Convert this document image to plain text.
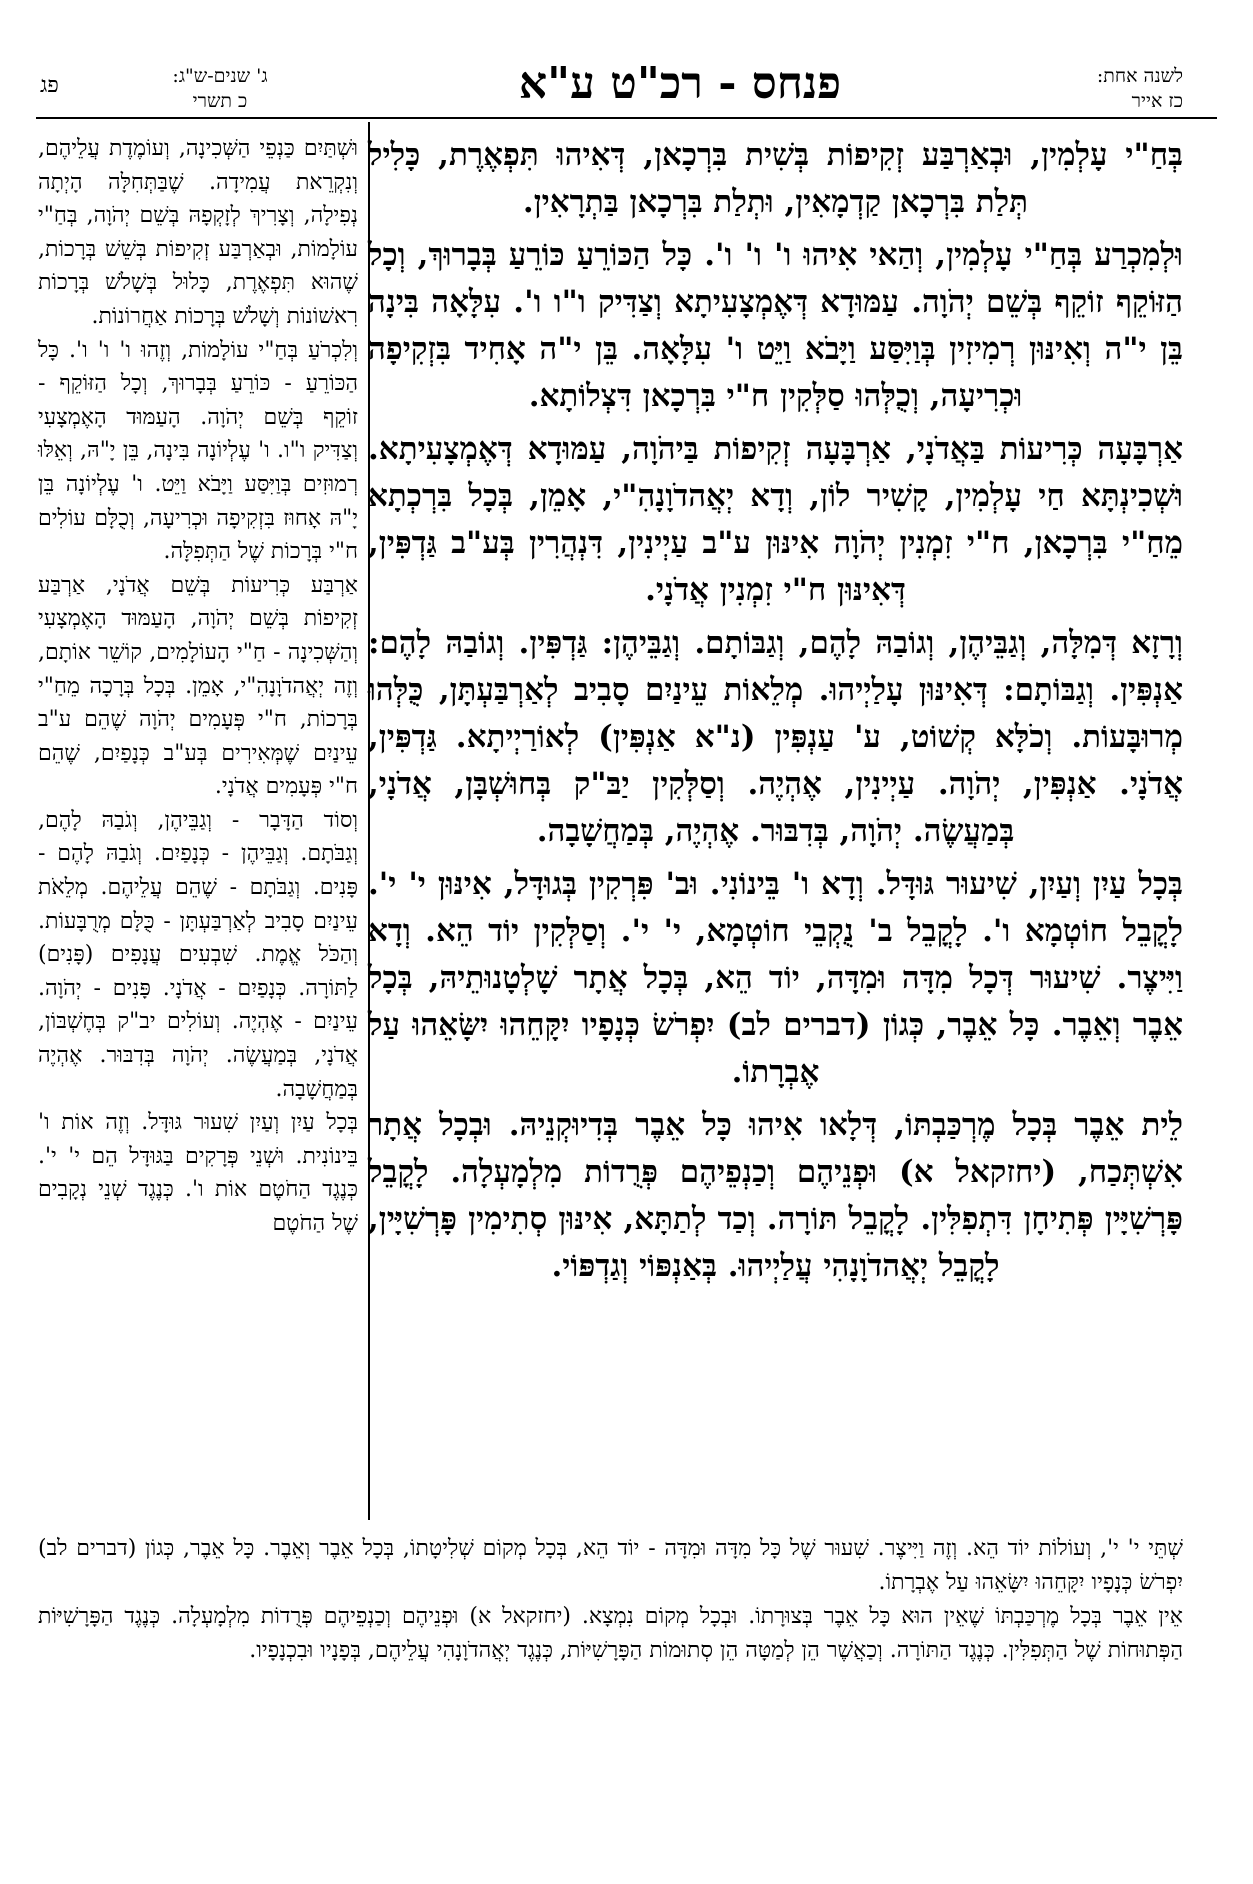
לשנה אחת:
כז אייר
פנחס - רכ"ט ע"א
ג' שנים-ש"ג:
כ תשרי
פג

בְּחַ"י עָלְמִין, וּבְאַרְבַּע זְקִיפוֹת בְּשִׁית בִּרְכָאן, דְּאִיהוּ תִּפְאֶרֶת, כָּלִיל תְּלַת בִּרְכָאן קַדְמָאִין, וּתְלַת בִּרְכָאן בַּתְרָאִין.

וּלְמִכְרַע בְּחַ"י עָלְמִין, וְהַאי אִיהוּ ו' ו' ו'. כָּל הַכּוֹרֵעַ כּוֹרֵעַ בְּבָרוּךְ, וְכָל הַזּוֹקֵף זוֹקֵף בְּשֵׁם יְהֹוָה. עַמּוּדָא דְּאֶמְצָעִיתָא וְצַדִּיק ו"ו ו'. עִלָּאָה בִּינָה בֵּן י"ה וְאִינּוּן רְמִיזִין בְּוַיִּסַּע וַיָּבֹא וַיֵּט ו' עִלָּאָה. בֵּן י"ה אָחִיד בִּזְקִיפָה וּכְרִיעָה, וְכֻלְּהוּ סַלְּקִין ח"י בִּרְכָאן דִּצְלוֹתָא.

אַרְבָּעָה כְּרִיעוֹת בַּאֲדֹנָי, אַרְבָּעָה זְקִיפוֹת בַּיהֹוָה, עַמּוּדָא דְּאֶמְצָעִיתָא. וּשְׁכִינְתָּא חַי עָלְמִין, קָשִׁיר לוֹן, וְדָא יְאֲהדֹוָנָהִ"י, אָמֵן, בְּכָל בִּרְכְתָא מֵחַ"י בִּרְכָאן, ח"י זִמְנִין יְהֹוָה אִינּוּן ע"ב עַיְינִין, דִּנְהֲרִין בְּע"ב גַּדְפִּין, דְּאִינּוּן ח"י זִמְנִין אֲדֹנָי.

וְרָזָא דְּמִלָּה, וְגַבֵּיהֶן, וְגוֹבַהּ לָהֶם, וְגַבּוֹתָם. וְגַבֵּיהֶן: גַּדְפִּין. וְגוֹבַהּ לָהֶם: אַנְפִּין. וְגַבּוֹתָם: דְּאִינּוּן עָלַיְיהוּ. מְלֵאוֹת עֵינַיִם סָבִיב לְאַרְבַּעְתָּן, כֻּלְּהוּ מְרוּבָּעוֹת. וְכֹלָּא קְשׁוֹט, ע' עַנְפִּין (נ"א אַנְפִּין) לְאוֹרַיְיתָא. גַּדְפִּין, אֲדֹנָי. אַנְפִּין, יְהֹוָה. עַיְינִין, אֶהְיֶה. וְסַלְּקִין יַבּ"ק בְּחוּשְׁבָּן, אֲדֹנָי, בְּמַעֲשֶׂה. יְהֹוָה, בְּדִבּוּר. אֶהְיֶה, בְּמַחֲשָׁבָה.

בְּכָל עַיִן וְעַיִן, שִׁיעוּר גּוּדָּל. וְדָא ו' בֵּינוֹנִי. וּב' פִּרְקִין בְּגוּדָּל, אִינּוּן י' י'. לָקֳבֵל חוֹטְמָא ו'. לָקֳבֵל ב' נֻקְבֵי חוֹטְמָא, י' י'. וְסַלְּקִין יוֹד הֵא. וְדָא וַיִּיצֶר. שִׁיעוּר דְּכָל מִדָּה וּמִדָּה, יוֹד הֵא, בְּכָל אֲתָר שָׁלְטָנוּתֵיהּ, בְּכָל אֵבֶר וְאֵבֶר. כָּל אֵבֶר, כְּגוֹן (דברים לב) יִפְרֹשׂ כְּנָפָיו יִקָּחֵהוּ יִשָּׂאֵהוּ עַל אֶבְרָתוֹ.

לֵית אֵבֶר בְּכָל מֶרְכַּבְתּוֹ, דְּלָאו אִיהוּ כָּל אֵבֶר בְּדִיוּקְנֵיהּ. וּבְכָל אֲתָר אִשְׁתְּכַח, (יחזקאל א) וּפְנֵיהֶם וְכַנְפֵיהֶם פְּרֻדוֹת מִלְמָעְלָה. לָקֳבֵל פָּרְשִׁיָּין פְּתִיחָן דִּתְפִלִּין. לָקֳבֵל תּוֹרָה. וְכַד לְתַתָּא, אִינּוּן סְתִימִין פָּרְשִׁיָּין, לָקֳבֵל יְאֲהדֹוָנָהִי עֲלַיְיהוּ. בְּאַנְפּוֹי וְגַדְפּוֹי.

וּשְׁתַּיִם כַּנְפֵי הַשְּׁכִינָה, וְעוֹמֶדֶת עֲלֵיהֶם, וְנִקְרֵאת עֲמִידָה. שֶׁבַּתְּחִלָּה הָיְתָה נְפִילָה, וְצָרִיךְ לְזָקְפָהּ בְּשֵׁם יְהֹוָה, בְּחַ"י עוֹלָמוֹת, וּבְאַרְבַּע זְקִיפוֹת בְּשֵׁשׁ בְּרָכוֹת, שֶׁהוּא תִּפְאֶרֶת, כָּלוּל בְּשָׁלֹשׁ בְּרָכוֹת רִאשׁוֹנוֹת וְשָׁלֹשׁ בְּרָכוֹת אַחֲרוֹנוֹת.

וְלִכְרֹעַ בְּחַ"י עוֹלָמוֹת, וְזֶהוּ ו' ו' ו'. כָּל הַכּוֹרֵעַ - כּוֹרֵעַ בְּבָרוּךְ, וְכָל הַזּוֹקֵף - זוֹקֵף בְּשֵׁם יְהֹוָה. הָעַמּוּד הָאֶמְצָעִי וְצַדִּיק ו"ו. ו' עֶלְיוֹנָה בִּינָה, בֵּן יָ"הּ, וְאֵלּוּ רְמוּזִים בְּוַיִּסַּע וַיָּבֹא וַיֵּט. ו' עֶלְיוֹנָה בֵּן יָ"הּ אָחוּז בִּזְקִיפָה וּכְרִיעָה, וְכֻלָּם עוֹלִים ח"י בְּרָכוֹת שֶׁל הַתְּפִלָּה.

אַרְבַּע כְּרִיעוֹת בְּשֵׁם אֲדֹנָי, אַרְבַּע זְקִיפוֹת בְּשֵׁם יְהֹוָה, הָעַמּוּד הָאֶמְצָעִי וְהַשְּׁכִינָה - חַ"י הָעוֹלָמִים, קוֹשֵׁר אוֹתָם, וְזֶה יְאֲהדֹוָנָהִ"י, אָמֵן. בְּכָל בְּרָכָה מֵחַ"י בְּרָכוֹת, ח"י פְּעָמִים יְהֹוָה שֶׁהֵם ע"ב עֵינַיִם שֶׁמְּאִירִים בְּע"ב כְּנָפַיִם, שֶׁהֵם ח"י פְּעָמִים אֲדֹנָי.

וְסוֹד הַדָּבָר - וְגַבֵּיהֶן, וְגֹבַהּ לָהֶם, וְגַבֹּתָם. וְגַבֵּיהֶן - כְּנָפַיִם. וְגֹבַהּ לָהֶם - פָּנִים. וְגַבֹּתָם - שֶׁהֵם עֲלֵיהֶם. מְלֵאֹת עֵינַיִם סָבִיב לְאַרְבַּעְתָּן - כֻּלָּם מְרֻבָּעוֹת. וְהַכֹּל אֱמֶת. שִׁבְעִים עֲנָפִים (פָּנִים) לַתּוֹרָה. כְּנָפַיִם - אֲדֹנָי. פָּנִים - יְהֹוָה. עֵינַיִם - אֶהְיֶה. וְעוֹלִים יב"ק בְּחֶשְׁבּוֹן, אֲדֹנָי, בְּמַעֲשֶׂה. יְהֹוָה בְּדִבּוּר. אֶהְיֶה בְּמַחֲשָׁבָה.

בְּכָל עַיִן וְעַיִן שִׁעוּר גּוּדָּל. וְזֶה אוֹת ו' בֵּינוֹנִית. וּשְׁנֵי פְּרָקִים בַּגּוּדָּל הֵם י' י'. כְּנֶגֶד הַחֹטֶם אוֹת ו'. כְּנֶגֶד שְׁנֵי נְקָבִים שֶׁל הַחֹטֶם

שְׁתֵּי י' י', וְעוֹלוֹת יוֹד הֵא. וְזֶה וַיִּיצֶר. שִׁעוּר שֶׁל כָּל מִדָּה וּמִדָּה - יוֹד הֵא, בְּכָל מְקוֹם שְׁלִיטָתוֹ, בְּכָל אֵבֶר וְאֵבֶר. כָּל אֵבֶר, כְּגוֹן (דברים לב) יִפְרֹשׂ כְּנָפָיו יִקָּחֵהוּ יִשָּׂאֵהוּ עַל אֶבְרָתוֹ.

אֵין אֵבֶר בְּכָל מֶרְכַּבְתּוֹ שֶׁאֵין הוּא כָּל אֵבֶר בְּצוּרָתוֹ. וּבְכָל מְקוֹם נִמְצָא. (יחזקאל א) וּפְנֵיהֶם וְכַנְפֵיהֶם פְּרֻדוֹת מִלְמָעְלָה. כְּנֶגֶד הַפָּרָשִׁיּוֹת הַפְּתוּחוֹת שֶׁל הַתְּפִלִּין. כְּנֶגֶד הַתּוֹרָה. וְכַאֲשֶׁר הֵן לְמַטָּה הֵן סְתוּמוֹת הַפָּרָשִׁיּוֹת, כְּנֶגֶד יְאֲהדֹוָנָהִי עֲלֵיהֶם, בְּפָנָיו וּבִכְנָפָיו.
